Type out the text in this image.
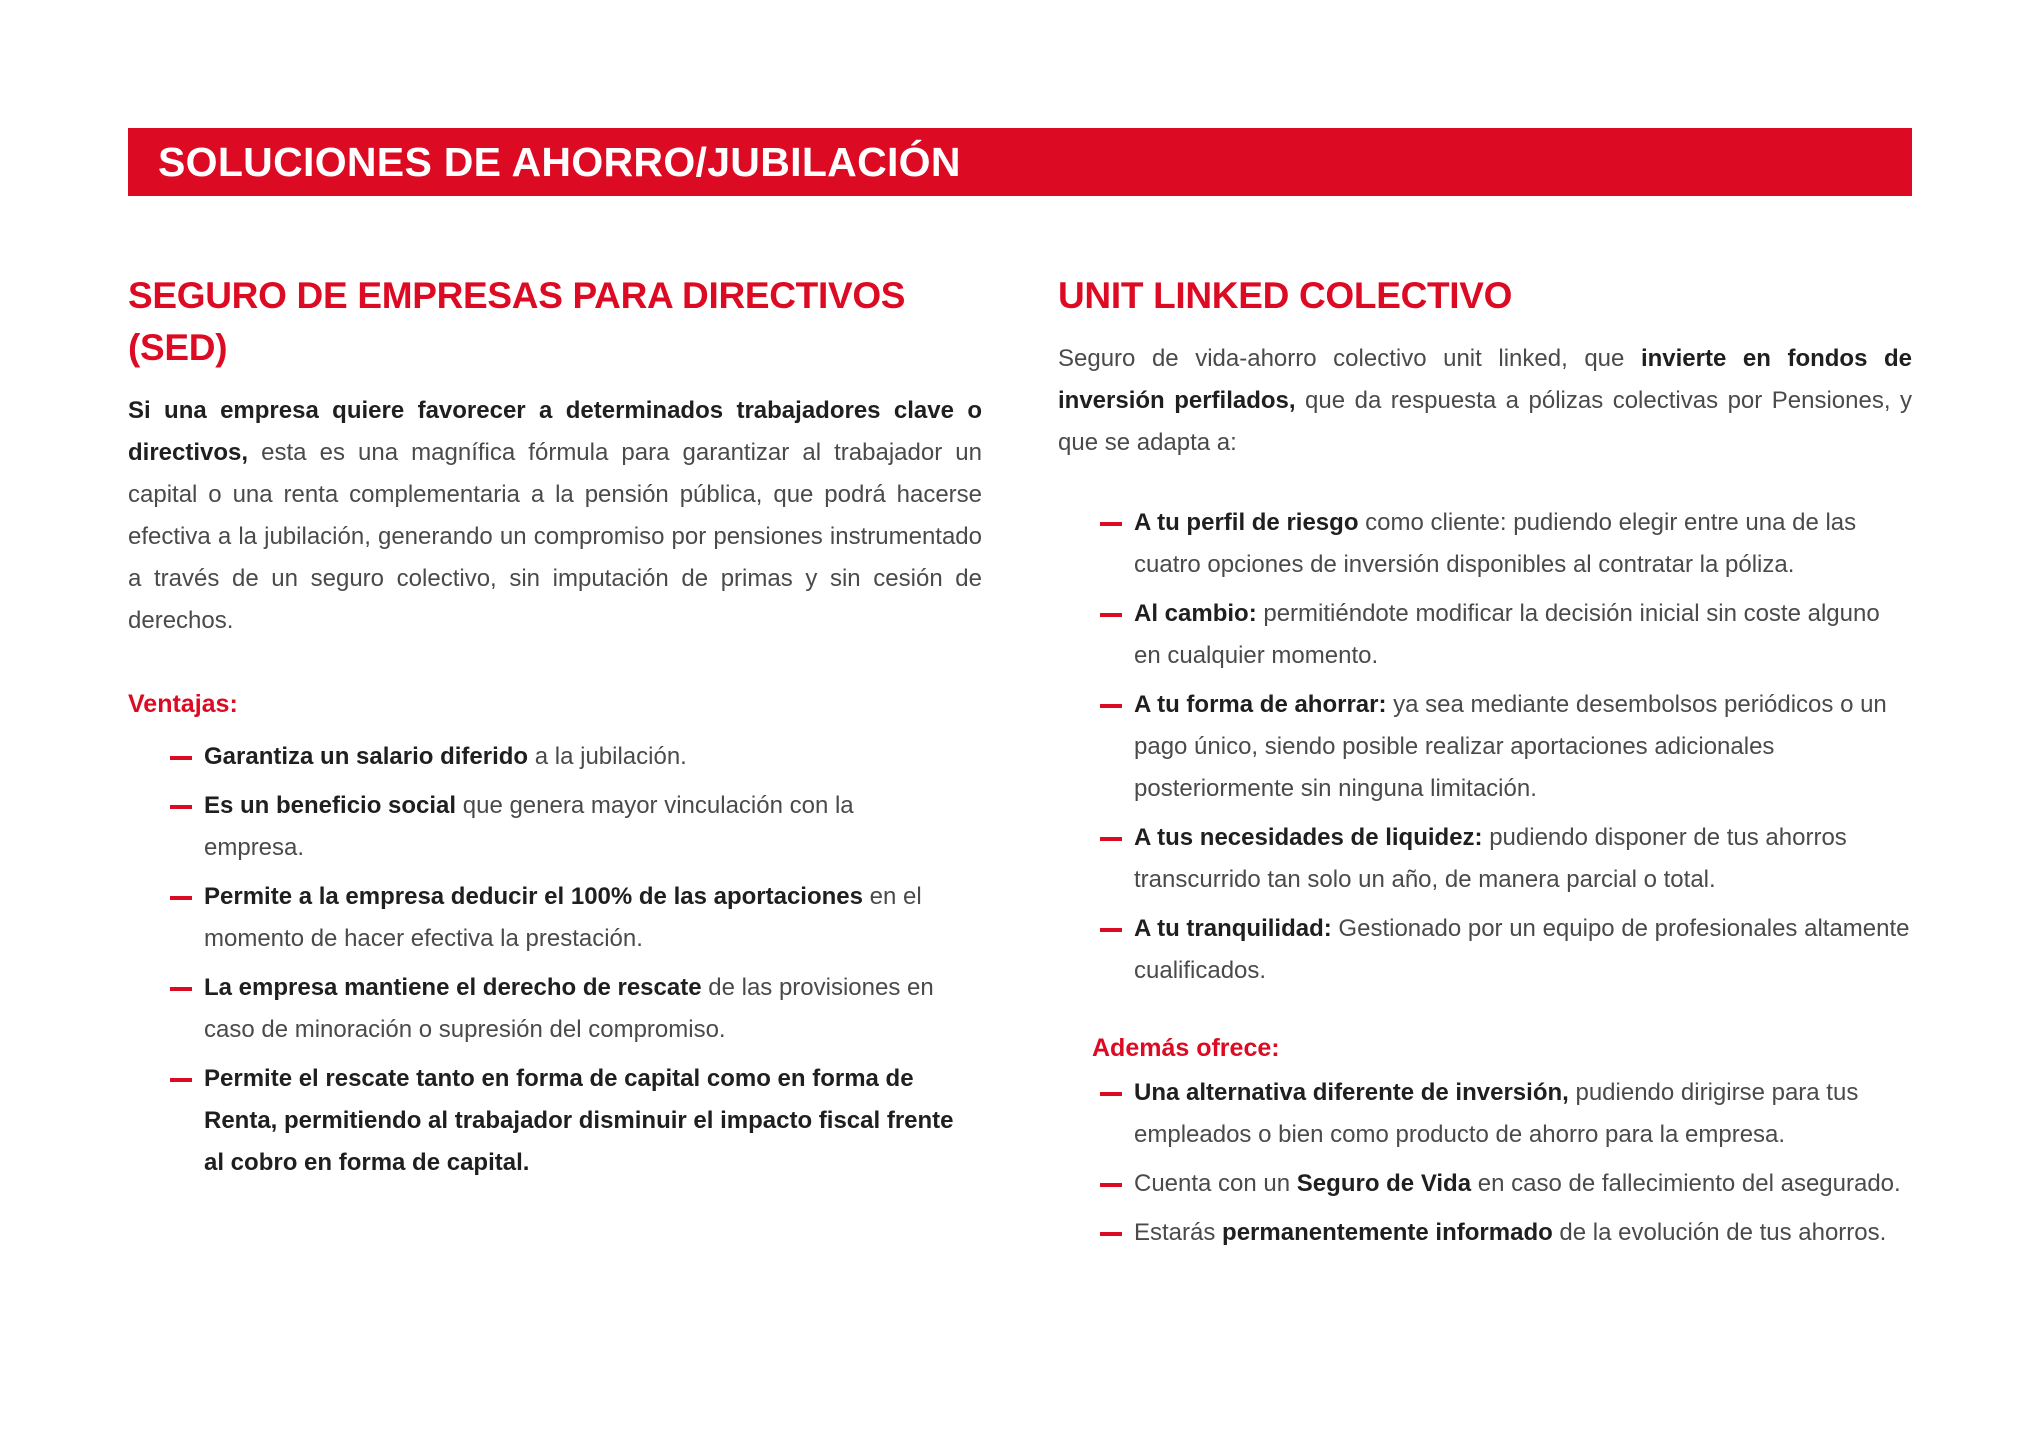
SOLUCIONES DE AHORRO/JUBILACIÓN
SEGURO DE EMPRESAS PARA DIRECTIVOS (SED)

Si una empresa quiere favorecer a determinados trabajadores clave o directivos, esta es una magnífica fórmula para garantizar al trabajador un capital o una renta complementaria a la pensión pública, que podrá hacerse efectiva a la jubilación, generando un compromiso por pensiones instrumentado a través de un seguro colectivo, sin imputación de primas y sin cesión de derechos.

Ventajas:
Garantiza un salario diferido a la jubilación.
Es un beneficio social que genera mayor vinculación con la empresa.
Permite a la empresa deducir el 100% de las aportaciones en el momento de hacer efectiva la prestación.
La empresa mantiene el derecho de rescate de las provisiones en caso de minoración o supresión del compromiso.
Permite el rescate tanto en forma de capital como en forma de Renta, permitiendo al trabajador disminuir el impacto fiscal frente al cobro en forma de capital.
UNIT LINKED COLECTIVO

Seguro de vida-ahorro colectivo unit linked, que invierte en fondos de inversión perfilados, que da respuesta a pólizas colectivas por Pensiones, y que se adapta a:

A tu perfil de riesgo como cliente: pudiendo elegir entre una de las cuatro opciones de inversión disponibles al contratar la póliza.
Al cambio: permitiéndote modificar la decisión inicial sin coste alguno en cualquier momento.
A tu forma de ahorrar: ya sea mediante desembolsos periódicos o un pago único, siendo posible realizar aportaciones adicionales posteriormente sin ninguna limitación.
A tus necesidades de liquidez: pudiendo disponer de tus ahorros transcurrido tan solo un año, de manera parcial o total.
A tu tranquilidad: Gestionado por un equipo de profesionales altamente cualificados.
Además ofrece:
Una alternativa diferente de inversión, pudiendo dirigirse para tus empleados o bien como producto de ahorro para la empresa.
Cuenta con un Seguro de Vida en caso de fallecimiento del asegurado.
Estarás permanentemente informado de la evolución de tus ahorros.
